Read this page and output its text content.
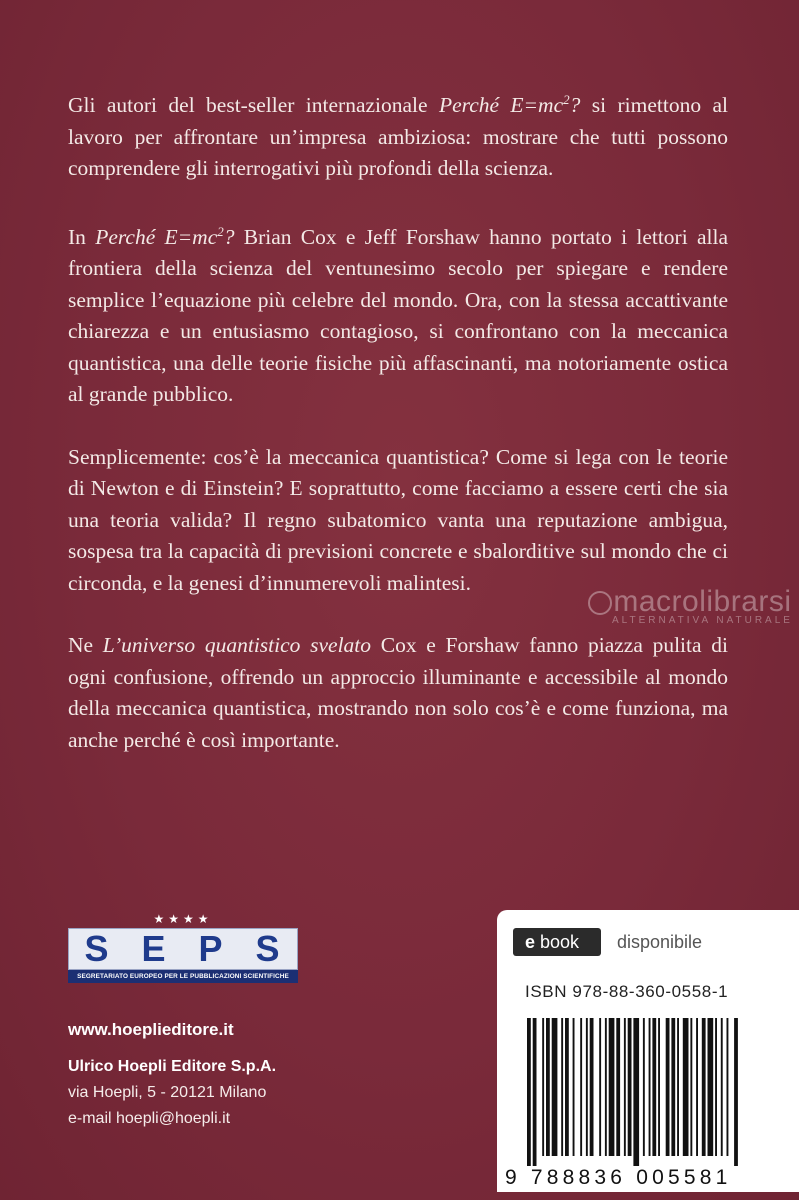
Gli autori del best-seller internazionale Perché $E=mc^2$? si rimettono al lavoro per affrontare un’impresa ambiziosa: mostrare che tutti possono comprendere gli interrogativi più profondi della scienza.

In Perché $E=mc^2$? Brian Cox e Jeff Forshaw hanno portato i lettori alla frontiera della scienza del ventunesimo secolo per spiegare e rendere semplice l’equazione più celebre del mondo. Ora, con la stessa accattivante chiarezza e un entusiasmo contagioso, si confrontano con la meccanica quantistica, una delle teorie fisiche più affascinanti, ma notoriamente ostica al grande pubblico.

Semplicemente: cos’è la meccanica quantistica? Come si lega con le teorie di Newton e di Einstein? E soprattutto, come facciamo a essere certi che sia una teoria valida? Il regno subatomico vanta una reputazione ambigua, sospesa tra la capacità di previsioni concrete e sbalorditive sul mondo che ci circonda, e la genesi d’innumerevoli malintesi.

Ne L’universo quantistico svelato Cox e Forshaw fanno piazza pulita di ogni confusione, offrendo un approccio illuminante e accessibile al mondo della meccanica quantistica, mostrando non solo cos’è e come funziona, ma anche perché è così importante.

macrolibrarsi
ALTERNATIVA NATURALE
★★★★
S E P S
SEGRETARIATO EUROPEO PER LE PUBBLICAZIONI SCIENTIFICHE
www.hoeplieditore.it
Ulrico Hoepli Editore S.p.A.
via Hoepli, 5 - 20121 Milano
e-mail hoepli@hoepli.it
e book	disponibile
ISBN 978-88-360-0558-1
9 788836 005581
